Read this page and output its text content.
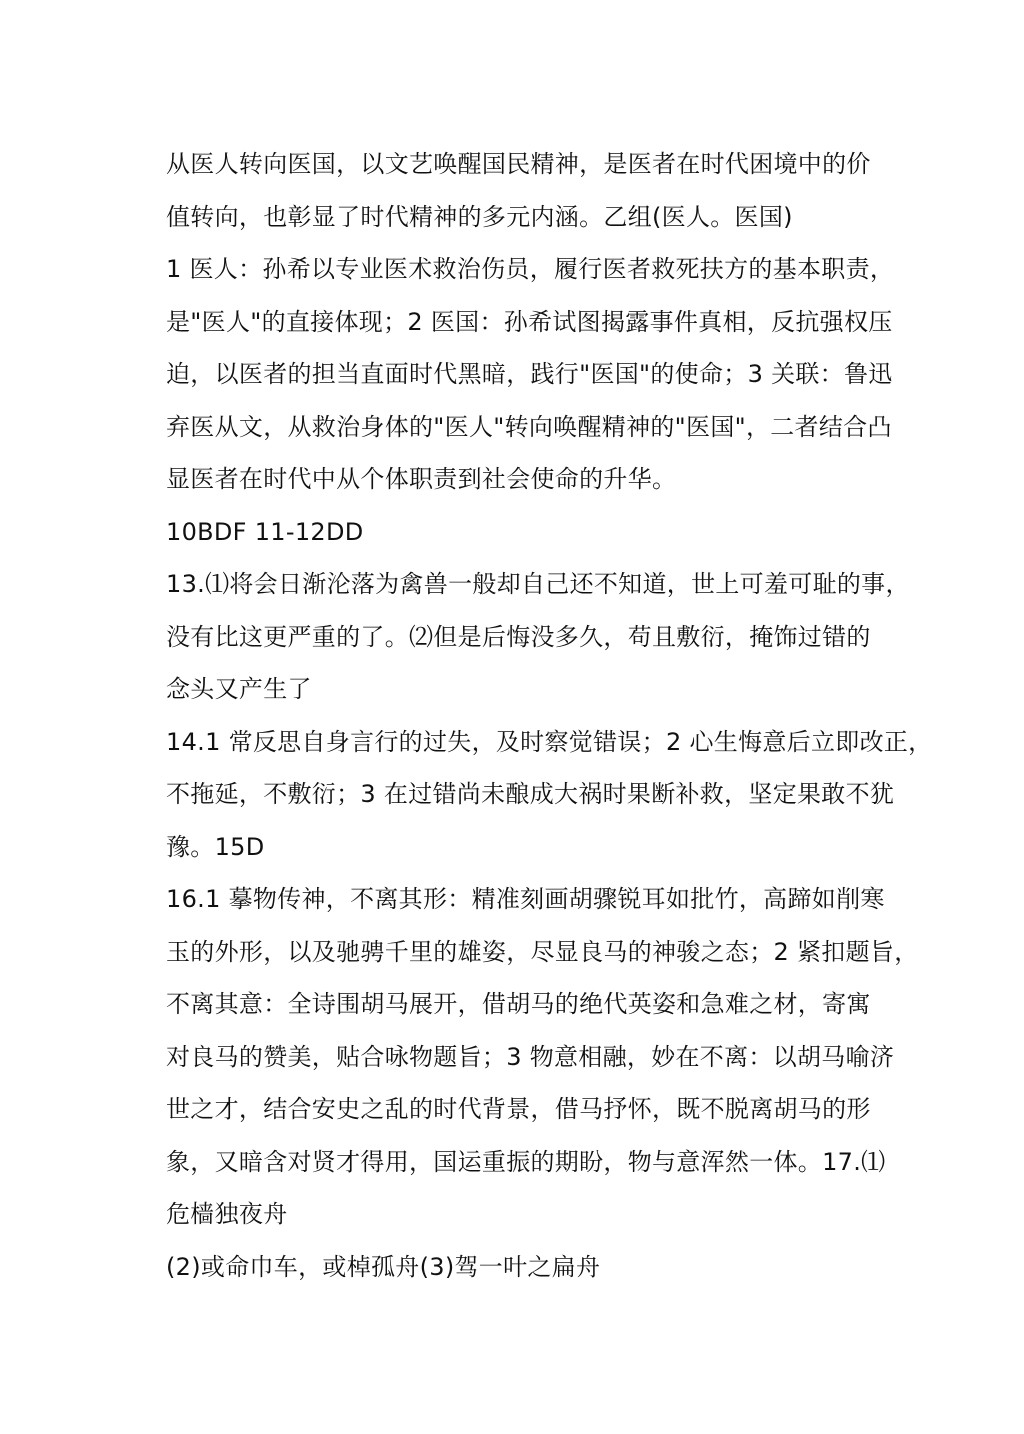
从医人转向医国，以文艺唤醒国民精神，是医者在时代困境中的价
值转向，也彰显了时代精神的多元内涵。乙组(医人。医国)
1 医人：孙希以专业医术救治伤员，履行医者救死扶方的基本职责，
是"医人"的直接体现；2 医国：孙希试图揭露事件真相，反抗强权压
迫，以医者的担当直面时代黑暗，践行"医国"的使命；3 关联：鲁迅
弃医从文，从救治身体的"医人"转向唤醒精神的"医国"，二者结合凸
显医者在时代中从个体职责到社会使命的升华。
10BDF 11-12DD
13.⑴将会日渐沦落为禽兽一般却自己还不知道，世上可羞可耻的事，
没有比这更严重的了。⑵但是后悔没多久，苟且敷衍，掩饰过错的
念头又产生了
14.1 常反思自身言行的过失，及时察觉错误；2 心生悔意后立即改正，
不拖延，不敷衍；3 在过错尚未酿成大祸时果断补救，坚定果敢不犹
豫。15D
16.1 摹物传神，不离其形：精准刻画胡骤锐耳如批竹，高蹄如削寒
玉的外形，以及驰骋千里的雄姿，尽显良马的神骏之态；2 紧扣题旨，
不离其意：全诗围胡马展开，借胡马的绝代英姿和急难之材，寄寓
对良马的赞美，贴合咏物题旨；3 物意相融，妙在不离：以胡马喻济
世之才，结合安史之乱的时代背景，借马抒怀，既不脱离胡马的形
象，又暗含对贤才得用，国运重振的期盼，物与意浑然一体。17.⑴
危樯独夜舟
(2)或命巾车，或棹孤舟(3)驾一叶之扁舟
